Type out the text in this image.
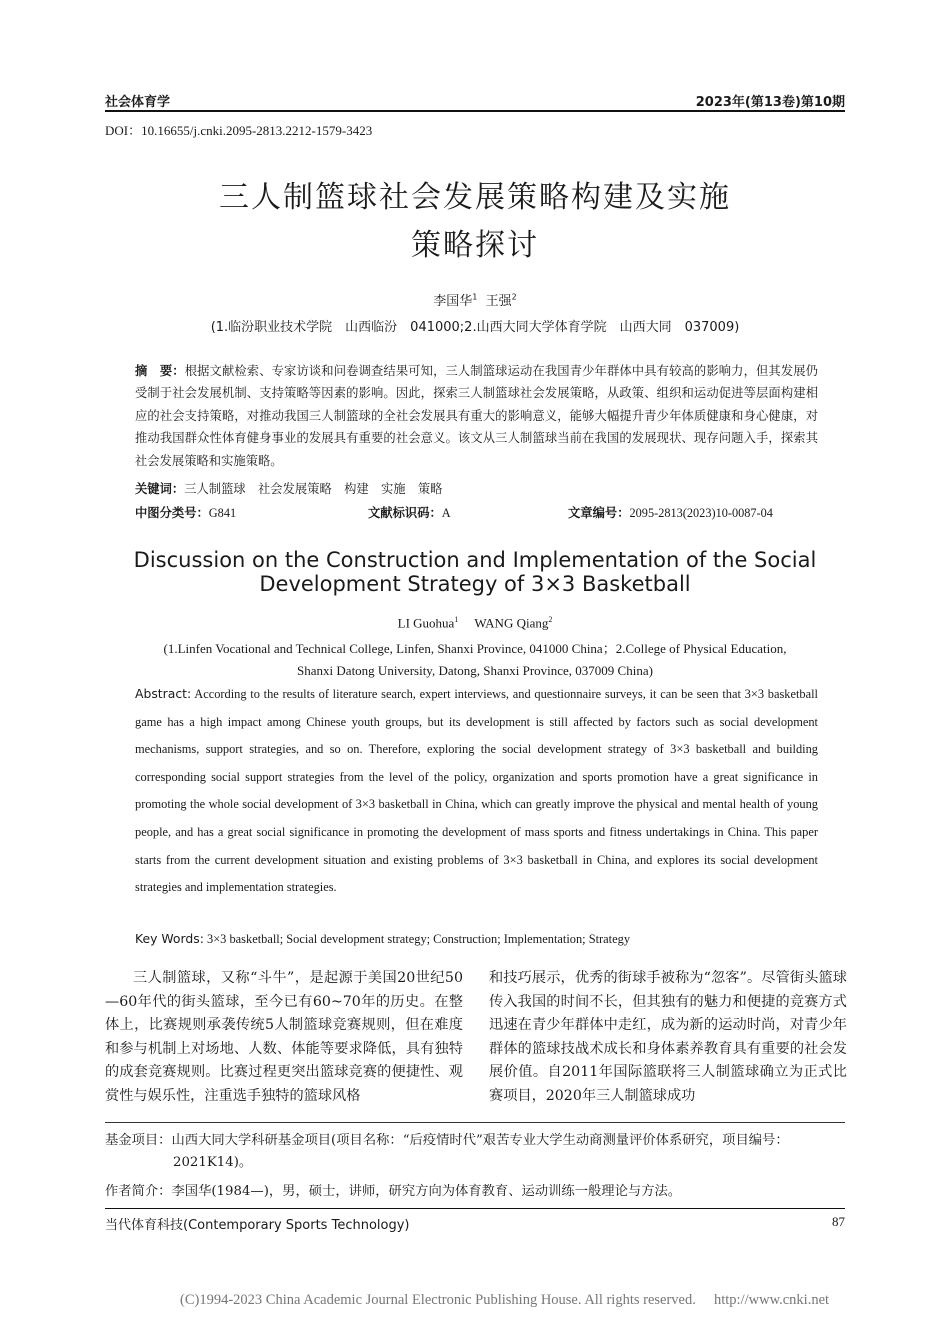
社会体育学	2023年(第13卷)第10期
DOI：10.16655/j.cnki.2095-2813.2212-1579-3423
三人制篮球社会发展策略构建及实施
策略探讨
李国华$^1$ 王强$^2$
(1.临汾职业技术学院　山西临汾　041000;2.山西大同大学体育学院　山西大同　037009)
摘　要：根据文献检索、专家访谈和问卷调查结果可知，三人制篮球运动在我国青少年群体中具有较高的影响力，但其发展仍受制于社会发展机制、支持策略等因素的影响。因此，探索三人制篮球社会发展策略，从政策、组织和运动促进等层面构建相应的社会支持策略，对推动我国三人制篮球的全社会发展具有重大的影响意义，能够大幅提升青少年体质健康和身心健康，对推动我国群众性体育健身事业的发展具有重要的社会意义。该文从三人制篮球当前在我国的发展现状、现存问题入手，探索其社会发展策略和实施策略。
关键词：三人制篮球　社会发展策略　构建　实施　策略
中图分类号：G841	文献标识码：A	文章编号：2095-2813(2023)10-0087-04
Discussion on the Construction and Implementation of the Social
Development Strategy of 3×3 Basketball
LI Guohua$^1$ WANG Qiang$^2$
(1.Linfen Vocational and Technical College, Linfen, Shanxi Province, 041000 China；2.College of Physical Education,
Shanxi Datong University, Datong, Shanxi Province, 037009 China)
Abstract: According to the results of literature search, expert interviews, and questionnaire surveys, it can be seen that 3×3 basketball game has a high impact among Chinese youth groups, but its development is still affected by factors such as social development mechanisms, support strategies, and so on. Therefore, exploring the social development strategy of 3×3 basketball and building corresponding social support strategies from the level of the policy, organization and sports promotion have a great significance in promoting the whole social development of 3×3 basketball in China, which can greatly improve the physical and mental health of young people, and has a great social significance in promoting the development of mass sports and fitness undertakings in China. This paper starts from the current development situation and existing problems of 3×3 basketball in China, and explores its social development strategies and implementation strategies.
Key Words: 3×3 basketball; Social development strategy; Construction; Implementation; Strategy
三人制篮球，又称“斗牛”，是起源于美国20世纪50—60年代的街头篮球，至今已有60~70年的历史。在整体上，比赛规则承袭传统5人制篮球竞赛规则，但在难度和参与机制上对场地、人数、体能等要求降低，具有独特的成套竞赛规则。比赛过程更突出篮球竞赛的便捷性、观赏性与娱乐性，注重选手独特的篮球风格
和技巧展示，优秀的街球手被称为“忽客”。尽管街头篮球传入我国的时间不长，但其独有的魅力和便捷的竞赛方式迅速在青少年群体中走红，成为新的运动时尚，对青少年群体的篮球技战术成长和身体素养教育具有重要的社会发展价值。自2011年国际篮联将三人制篮球确立为正式比赛项目，2020年三人制篮球成功
基金项目：山西大同大学科研基金项目(项目名称：“后疫情时代”艰苦专业大学生动商测量评价体系研究，项目编号：
2021K14)。
作者简介：李国华(1984—)，男，硕士，讲师，研究方向为体育教育、运动训练一般理论与方法。
当代体育科技(Contemporary Sports Technology)	87
(C)1994-2023 China Academic Journal Electronic Publishing House. All rights reserved.　 http://www.cnki.net
